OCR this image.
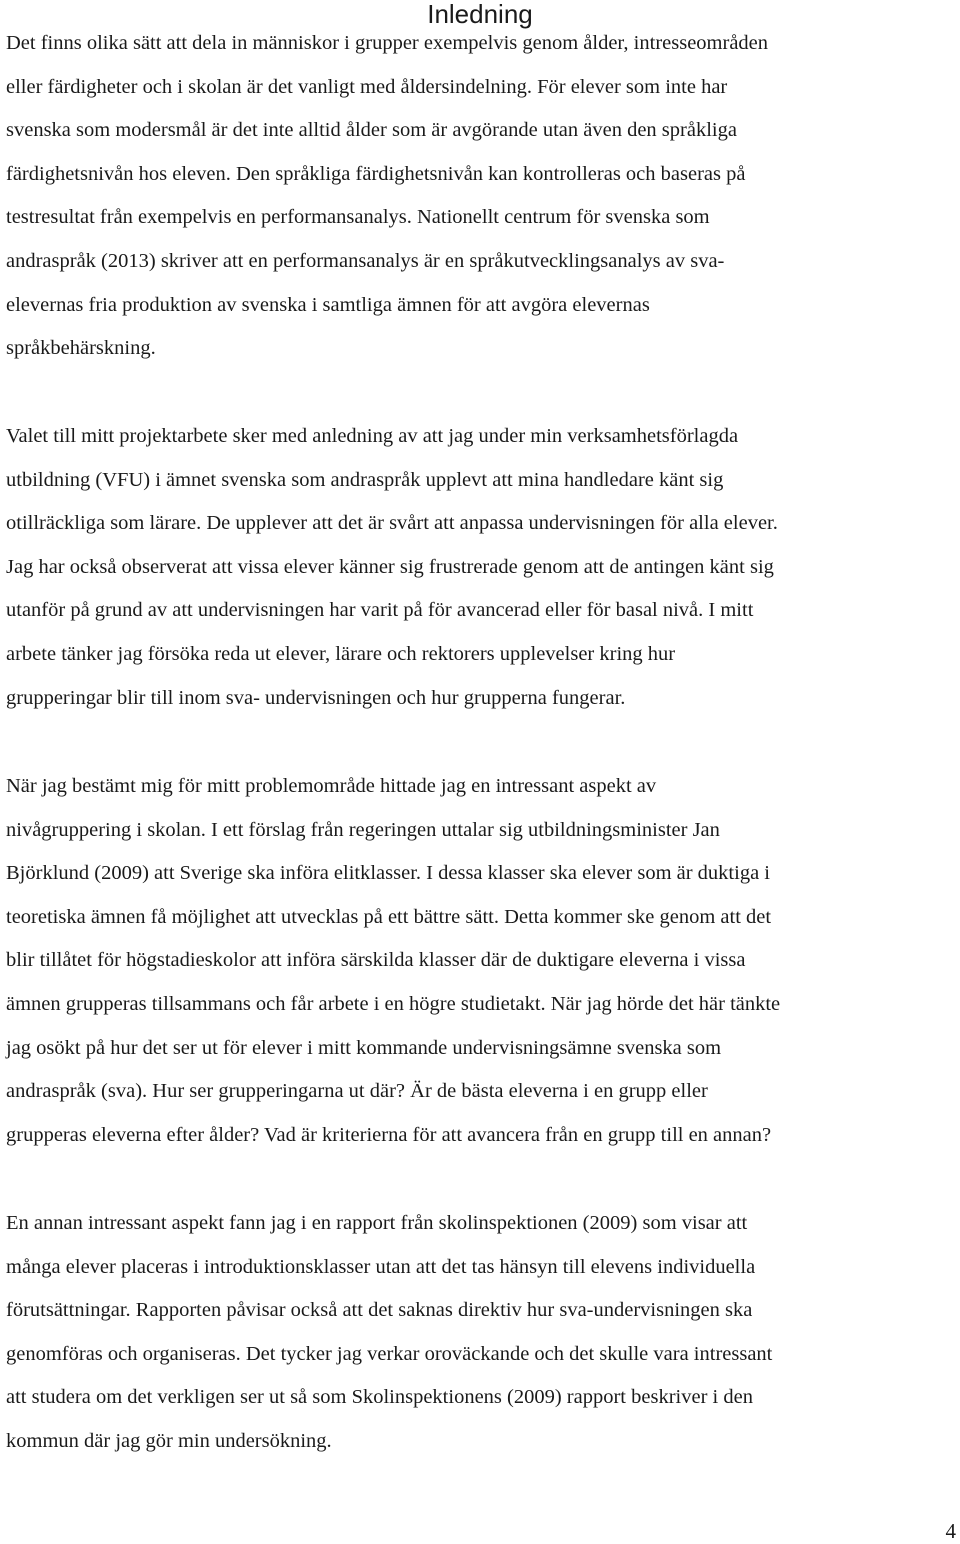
Inledning
Det finns olika sätt att dela in människor i grupper exempelvis genom ålder, intresseområden
eller färdigheter och i skolan är det vanligt med åldersindelning. För elever som inte har
svenska som modersmål är det inte alltid ålder som är avgörande utan även den språkliga
färdighetsnivån hos eleven. Den språkliga färdighetsnivån kan kontrolleras och baseras på
testresultat från exempelvis en performansanalys. Nationellt centrum för svenska som
andraspråk (2013) skriver att en performansanalys är en språkutvecklingsanalys av sva-
elevernas fria produktion av svenska i samtliga ämnen för att avgöra elevernas
språkbehärskning.
Valet till mitt projektarbete sker med anledning av att jag under min verksamhetsförlagda
utbildning (VFU) i ämnet svenska som andraspråk upplevt att mina handledare känt sig
otillräckliga som lärare. De upplever att det är svårt att anpassa undervisningen för alla elever.
Jag har också observerat att vissa elever känner sig frustrerade genom att de antingen känt sig
utanför på grund av att undervisningen har varit på för avancerad eller för basal nivå. I mitt
arbete tänker jag försöka reda ut elever, lärare och rektorers upplevelser kring hur
grupperingar blir till inom sva- undervisningen och hur grupperna fungerar.
När jag bestämt mig för mitt problemområde hittade jag en intressant aspekt av
nivågruppering i skolan. I ett förslag från regeringen uttalar sig utbildningsminister Jan
Björklund (2009) att Sverige ska införa elitklasser. I dessa klasser ska elever som är duktiga i
teoretiska ämnen få möjlighet att utvecklas på ett bättre sätt. Detta kommer ske genom att det
blir tillåtet för högstadieskolor att införa särskilda klasser där de duktigare eleverna i vissa
ämnen grupperas tillsammans och får arbete i en högre studietakt. När jag hörde det här tänkte
jag osökt på hur det ser ut för elever i mitt kommande undervisningsämne svenska som
andraspråk (sva). Hur ser grupperingarna ut där? Är de bästa eleverna i en grupp eller
grupperas eleverna efter ålder? Vad är kriterierna för att avancera från en grupp till en annan?
En annan intressant aspekt fann jag i en rapport från skolinspektionen (2009) som visar att
många elever placeras i introduktionsklasser utan att det tas hänsyn till elevens individuella
förutsättningar. Rapporten påvisar också att det saknas direktiv hur sva-undervisningen ska
genomföras och organiseras. Det tycker jag verkar oroväckande och det skulle vara intressant
att studera om det verkligen ser ut så som Skolinspektionens (2009) rapport beskriver i den
kommun där jag gör min undersökning.
4
